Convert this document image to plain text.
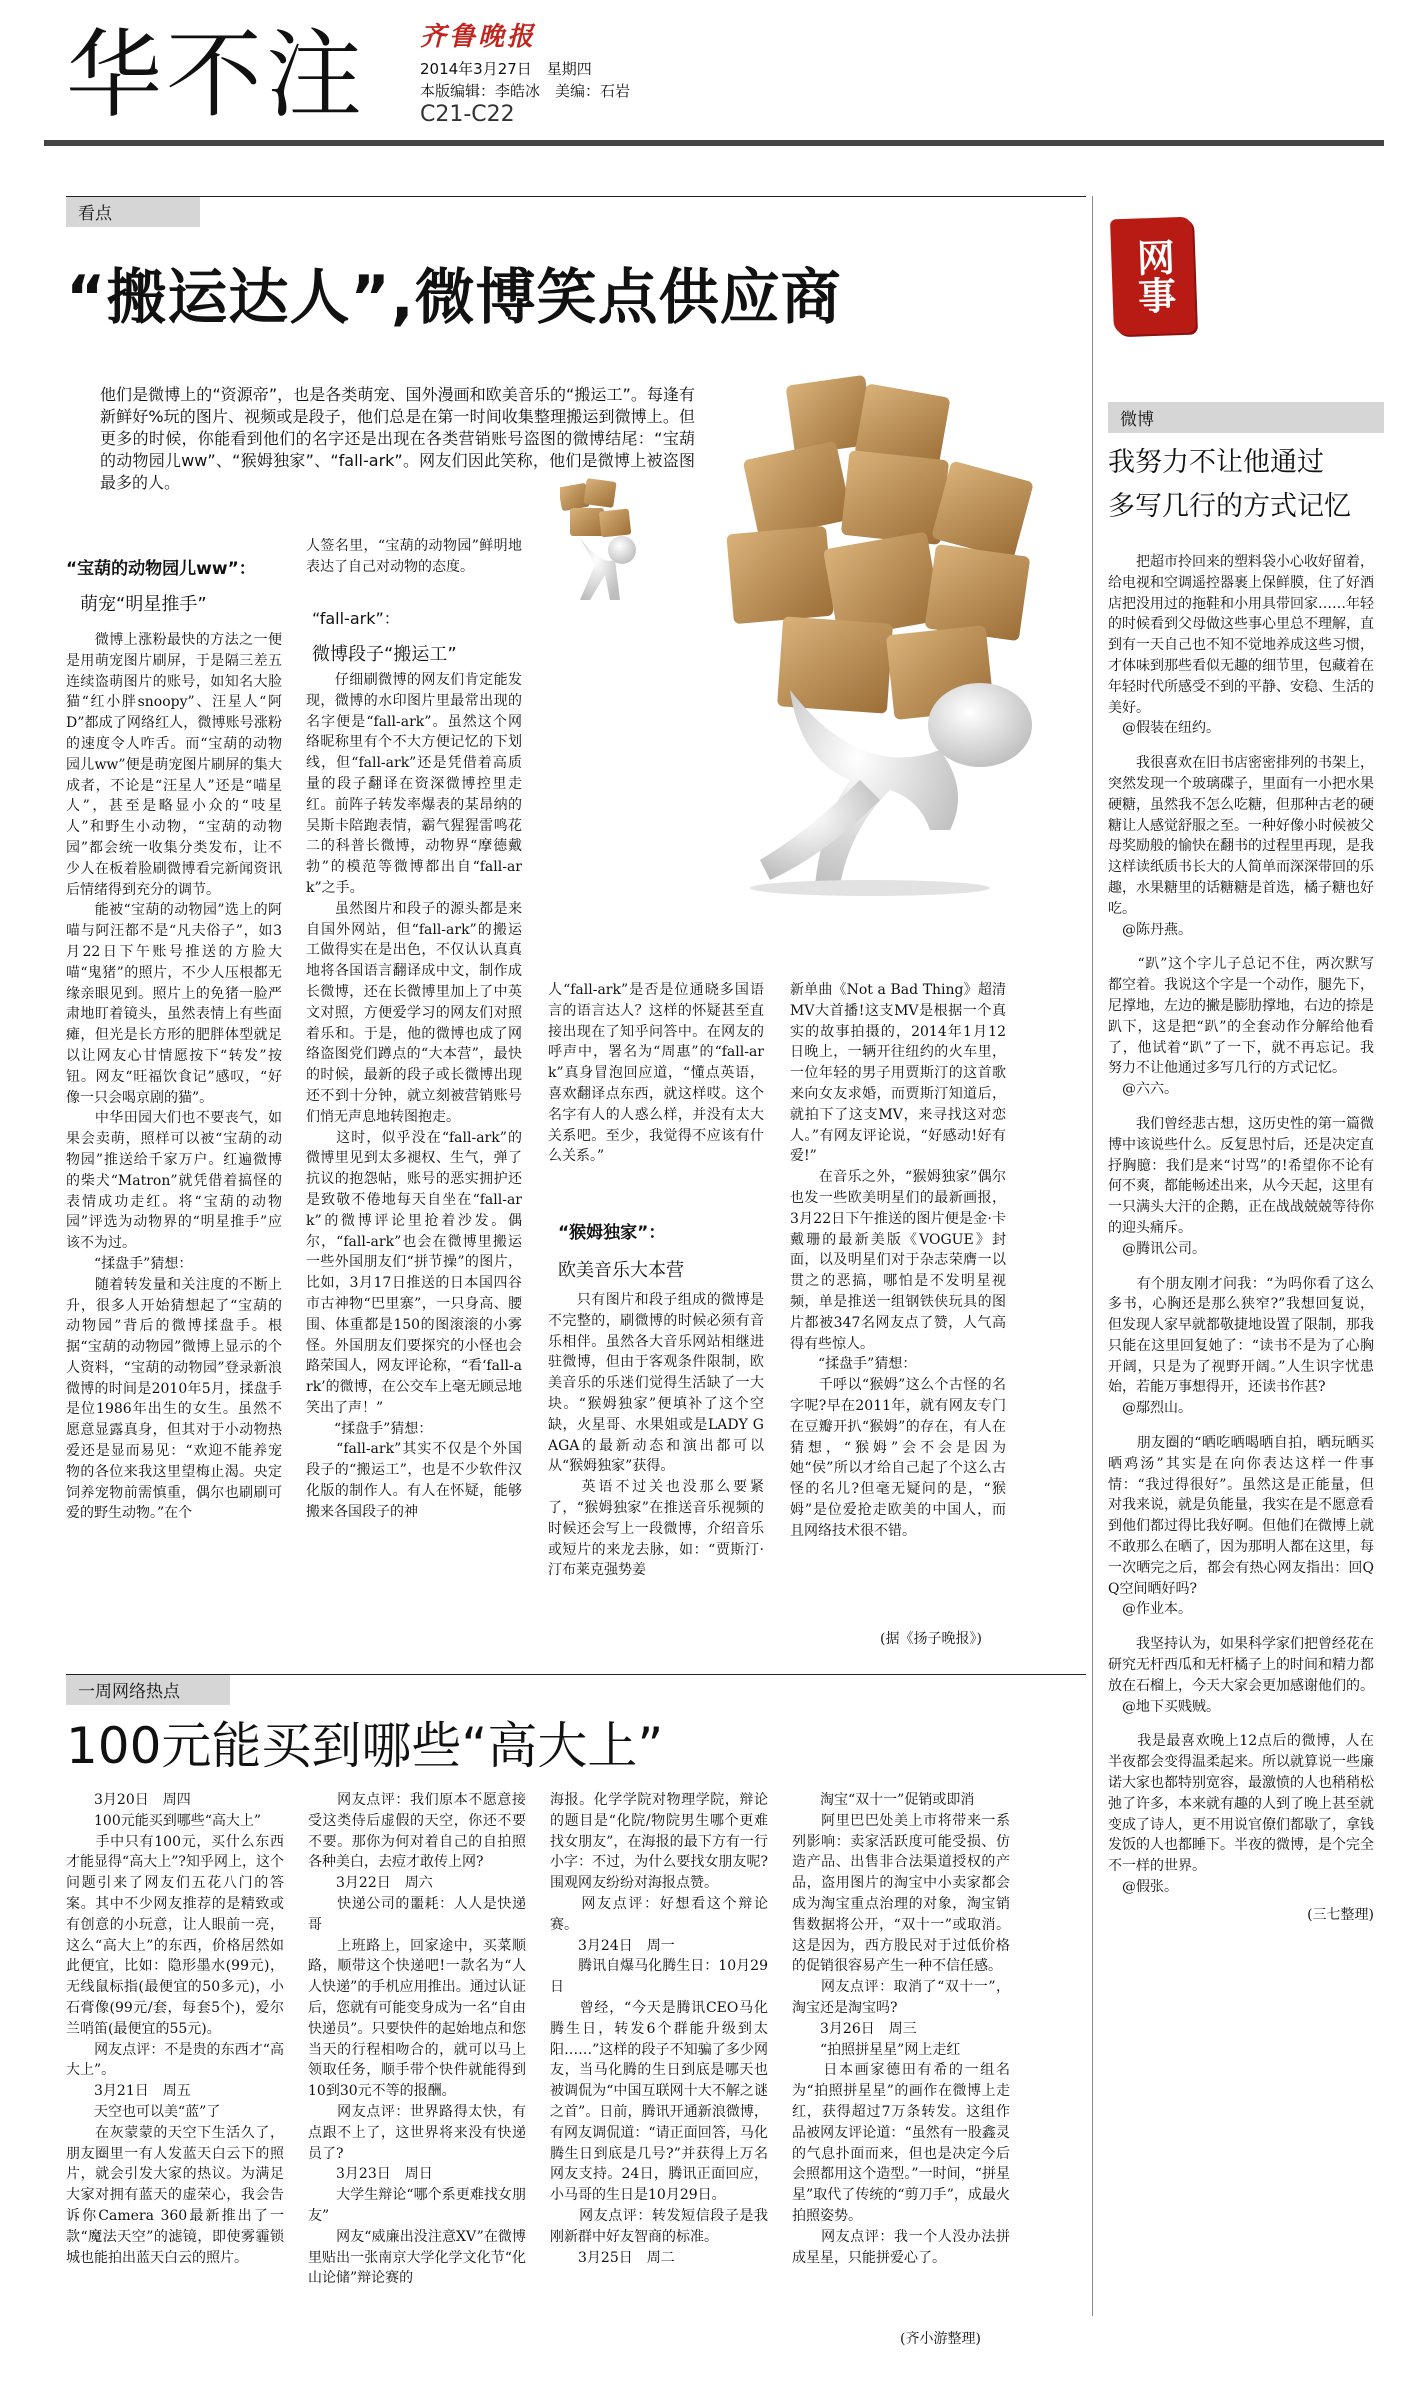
华不注 齐鲁晚报
2014年3月27日　星期四
本版编辑：李皓冰　美编：石岩
C21-C22
看点
“搬运达人”,微博笑点供应商
他们是微博上的“资源帝”，也是各类萌宠、国外漫画和欧美音乐的“搬运工”。每逢有新鲜好%玩的图片、视频或是段子，他们总是在第一时间收集整理搬运到微博上。但更多的时候，你能看到他们的名字还是出现在各类营销账号盗图的微博结尾：“宝葫的动物园儿ww”、“猴姆独家”、“fall-ark”。网友们因此笑称，他们是微博上被盗图最多的人。
“宝葫的动物园儿ww”：
萌宠“明星推手”
　　微博上涨粉最快的方法之一便是用萌宠图片刷屏，于是隔三差五连续盗萌图片的账号，如知名大脸猫“红小胖snoopy”、汪星人“阿D”都成了网络红人，微博账号涨粉的速度令人咋舌。而“宝葫的动物园儿ww”便是萌宠图片刷屏的集大成者，不论是“汪星人”还是“喵星人”，甚至是略显小众的“吱星人”和野生小动物，“宝葫的动物园”都会统一收集分类发布，让不少人在板着脸刷微博看完新闻资讯后情绪得到充分的调节。
　　能被“宝葫的动物园”选上的阿喵与阿汪都不是“凡夫俗子”，如3月22日下午账号推送的方脸大喵“鬼猪”的照片，不少人压根都无缘亲眼见到。照片上的免猪一脸严肃地盯着镜头，虽然表情上有些面瘫，但光是长方形的肥胖体型就足以让网友心甘情愿按下“转发”按钮。网友“旺福饮食记”感叹，“好像一只会喝京剧的猫”。
　　中华田园大们也不要丧气，如果会卖萌，照样可以被“宝葫的动物园”推送给千家万户。红遍微博的柴犬“Matron”就凭借着搞怪的表情成功走红。将“宝葫的动物园”评选为动物界的“明星推手”应该不为过。
　　“揉盘手”猜想：
　　随着转发量和关注度的不断上升，很多人开始猜想起了“宝葫的动物园”背后的微博揉盘手。根据“宝葫的动物园”微博上显示的个人资料，“宝葫的动物园”登录新浪微博的时间是2010年5月，揉盘手是位1986年出生的女生。虽然不愿意显露真身，但其对于小动物热爱还是显而易见：“欢迎不能养宠物的各位来我这里望梅止渴。央定饲养宠物前需慎重，偶尔也刷刷可爱的野生动物。”在个
人签名里，“宝葫的动物园”鲜明地表达了自己对动物的态度。
“fall-ark”：
微博段子“搬运工”
　　仔细刷微博的网友们肯定能发现，微博的水印图片里最常出现的名字便是“fall-ark”。虽然这个网络昵称里有个不大方便记忆的下划线，但“fall-ark”还是凭借着高质量的段子翻译在资深微博控里走红。前阵子转发率爆表的某昂纳的吴斯卡陪跑表情，霸气猩猩雷鸣花二的科普长微博，动物界“摩德戴勃”的模范等微博都出自“fall-ark”之手。
　　虽然图片和段子的源头都是来自国外网站，但“fall-ark”的搬运工做得实在是出色，不仅认认真真地将各国语言翻译成中文，制作成长微博，还在长微博里加上了中英文对照，方便爱学习的网友们对照着乐和。于是，他的微博也成了网络盗图党们蹲点的“大本营”，最快的时候，最新的段子或长微博出现还不到十分钟，就立刻被营销账号们悄无声息地转图抱走。
　　这时，似乎没在“fall-ark”的微博里见到太多褪权、生气，弹了抗议的抱怨帖，账号的恶实拥护还是致敬不倦地每天自坐在“fall-ark”的微博评论里抢着沙发。偶尔，“fall-ark”也会在微博里搬运一些外国朋友们“拼节操”的图片，比如，3月17日推送的日本国四谷市古神物“巴里寨”，一只身高、腰围、体重都是150的图滚滚的小雾怪。外国朋友们要探究的小怪也会路荣国人，网友评论称，“看‘fall-ark’的微博，在公交车上毫无顾忌地笑出了声！”
　　“揉盘手”猜想：
　　“fall-ark”其实不仅是个外国段子的“搬运工”，也是不少软件汉化版的制作人。有人在怀疑，能够搬来各国段子的神
人“fall-ark”是否是位通晓多国语言的语言达人？这样的怀疑甚至直接出现在了知乎问答中。在网友的呼声中，署名为“周惠”的“fall-ark”真身冒泡回应道，“懂点英语，喜欢翻译点东西，就这样哎。这个名字有人的人惑么样，并没有太大关系吧。至少，我觉得不应该有什么关系。”
“猴姆独家”：
欧美音乐大本营
　　只有图片和段子组成的微博是不完整的，刷微博的时候必须有音乐相伴。虽然各大音乐网站相继进驻微博，但由于客观条件限制，欧美音乐的乐迷们觉得生活缺了一大块。“猴姆独家”便填补了这个空缺，火星哥、水果姐或是LADY GAGA的最新动态和演出都可以从“猴姆独家”获得。
　　英语不过关也没那么要紧了，“猴姆独家”在推送音乐视频的时候还会写上一段微博，介绍音乐或短片的来龙去脉，如：“贾斯汀·汀布莱克强势姜
新单曲《Not a Bad Thing》超清MV大首播!这支MV是根据一个真实的故事拍摄的，2014年1月12日晚上，一辆开往纽约的火车里，一位年轻的男子用贾斯汀的这首歌来向女友求婚，而贾斯汀知道后，就拍下了这支MV，来寻找这对恋人。”有网友评论说，“好感动!好有爱!”
　　在音乐之外，“猴姆独家”偶尔也发一些欧美明星们的最新画报，3月22日下午推送的图片便是金·卡戴珊的最新美版《VOGUE》封面，以及明星们对于杂志荣膺一以贯之的恶搞，哪怕是不发明星视频，单是推送一组钢铁侠玩具的图片都被347名网友点了赞，人气高得有些惊人。
　　“揉盘手”猜想：
　　千呼以“猴姆”这么个古怪的名字呢?早在2011年，就有网友专门在豆瓣开扒“猴姆”的存在，有人在猜想，“猴姆”会不会是因为她“侯”所以才给自己起了个这么古怪的名儿?但毫无疑问的是，“猴姆”是位爱抢走欧美的中国人，而且网络技术很不错。
(据《扬子晚报》)
网事
微博
我努力不让他通过
多写几行的方式记忆
　　把超市拎回来的塑料袋小心收好留着，给电视和空调遥控器裹上保鲜膜，住了好酒店把没用过的拖鞋和小用具带回家……年轻的时候看到父母做这些事心里总不理解，直到有一天自己也不知不觉地养成这些习惯，才体味到那些看似无趣的细节里，包藏着在年轻时代所感受不到的平静、安稳、生活的美好。
@假装在纽约。
　　我很喜欢在旧书店密密排列的书架上，突然发现一个玻璃碟子，里面有一小把水果硬糖，虽然我不怎么吃糖，但那种古老的硬糖让人感觉舒服之至。一种好像小时候被父母奖励般的愉快在翻书的过程里再现，是我这样读纸质书长大的人简单而深深带回的乐趣，水果糖里的话糖糖是首选，橘子糖也好吃。
@陈丹燕。
　　“趴”这个字儿子总记不住，两次默写都空着。我说这个字是一个动作，腿先下，尼撑地，左边的撇是膨肋撑地，右边的捺是趴下，这是把“趴”的全套动作分解给他看了，他试着“趴”了一下，就不再忘记。我努力不让他通过多写几行的方式记忆。
@六六。
　　我们曾经悲古想，这历史性的第一篇微博中该说些什么。反复思忖后，还是决定直抒胸臆：我们是来“讨骂”的!希望你不论有何不爽，都能畅述出来，从今天起，这里有一只满头大汗的企鹅，正在战战兢兢等待你的迎头痛斥。
@腾讯公司。
　　有个朋友刚才问我：“为吗你看了这么多书，心胸还是那么狭窄?”我想回复说，但发现人家早就都敬捷地设置了限制，那我只能在这里回复她了：“读书不是为了心胸开阔，只是为了视野开阔。”人生识字忧患始，若能万事想得开，还读书作甚?
@鄢烈山。
　　朋友圈的“晒吃晒喝晒自拍，晒玩晒买晒鸡汤”其实是在向你表达这样一件事情：“我过得很好”。虽然这是正能量，但对我来说，就是负能量，我实在是不愿意看到他们都过得比我好啊。但他们在微博上就不敢那么在晒了，因为那明人都在这里，每一次晒完之后，都会有热心网友指出：回QQ空间晒好吗?
@作业本。
　　我坚持认为，如果科学家们把曾经花在研究无杆西瓜和无杆橘子上的时间和精力都放在石榴上，今天大家会更加感谢他们的。
@地下买贱贼。
　　我是最喜欢晚上12点后的微博，人在半夜都会变得温柔起来。所以就算说一些廉诺大家也都特别宽容，最激愤的人也稍稍松弛了许多，本来就有趣的人到了晚上甚至就变成了诗人，更不用说官僚们都歇了，拿钱发饭的人也都睡下。半夜的微博，是个完全不一样的世界。
@假张。
(三七整理)
一周网络热点
100元能买到哪些“高大上”
　　3月20日　周四
　　100元能买到哪些“高大上”
　　手中只有100元，买什么东西才能显得“高大上”?知乎网上，这个问题引来了网友们五花八门的答案。其中不少网友推荐的是精致或有创意的小玩意，让人眼前一亮，这么“高大上”的东西，价格居然如此便宜，比如：隐形墨水(99元)，无线鼠标指(最便宜的50多元)，小石膏像(99元/套，每套5个)，爱尔兰哨笛(最便宜的55元)。
　　网友点评：不是贵的东西才“高大上”。
　　3月21日　周五
　　天空也可以美“蓝”了
　　在灰蒙蒙的天空下生活久了，朋友圈里一有人发蓝天白云下的照片，就会引发大家的热议。为满足大家对拥有蓝天的虚荣心，我会告诉你Camera 360最新推出了一款“魔法天空”的滤镜，即使雾霾锁城也能拍出蓝天白云的照片。
　　网友点评：我们原本不愿意接受这类侍后虚假的天空，你还不要不要。那你为何对着自己的自拍照各种美白，去痘才敢传上网?
　　3月22日　周六
　　快递公司的噩耗：人人是快递哥
　　上班路上，回家途中，买菜顺路，顺带这个快递吧!一款名为“人人快递”的手机应用推出。通过认证后，您就有可能变身成为一名“自由快递员”。只要快件的起始地点和您当天的行程相吻合的，就可以马上领取任务，顺手带个快件就能得到10到30元不等的报酬。
　　网友点评：世界路得太快，有点跟不上了，这世界将来没有快递员了?
　　3月23日　周日
　　大学生辩论“哪个系更难找女朋友”
　　网友“威廉出没注意XV”在微博里贴出一张南京大学化学文化节“化山论储”辩论赛的
海报。化学学院对物理学院，辩论的题目是“化院/物院男生哪个更难找女朋友”，在海报的最下方有一行小字：不过，为什么要找女朋友呢?围观网友纷纷对海报点赞。
　　网友点评：好想看这个辩论赛。
　　3月24日　周一
　　腾讯自爆马化腾生日：10月29日
　　曾经，“今天是腾讯CEO马化腾生日，转发6个群能升级到太阳……”这样的段子不知骗了多少网友，当马化腾的生日到底是哪天也被调侃为“中国互联网十大不解之谜之首”。日前，腾讯开通新浪微博，有网友调侃道：“请正面回答，马化腾生日到底是几号?”并获得上万名网友支持。24日，腾讯正面回应，小马哥的生日是10月29日。
　　网友点评：转发短信段子是我刚新群中好友智商的标准。
　　3月25日　周二
　　淘宝“双十一”促销或即消
　　阿里巴巴处美上市将带来一系列影响：卖家活跃度可能受损、仿造产品、出售非合法渠道授权的产品，盗用图片的淘宝中小卖家都会成为淘宝重点治理的对象，淘宝销售数据将公开，“双十一”或取消。这是因为，西方股民对于过低价格的促销很容易产生一种不信任感。
　　网友点评：取消了“双十一”，淘宝还是淘宝吗?
　　3月26日　周三
　　“拍照拼星星”网上走红
　　日本画家德田有希的一组名为“拍照拼星星”的画作在微博上走红，获得超过7万条转发。这组作品被网友评论道：“虽然有一股鑫灵的气息扑面而来，但也是决定今后会照都用这个造型。”一时间，“拼星星”取代了传统的“剪刀手”，成最火拍照姿势。
　　网友点评：我一个人没办法拼成星星，只能拼爱心了。
(齐小游整理)
